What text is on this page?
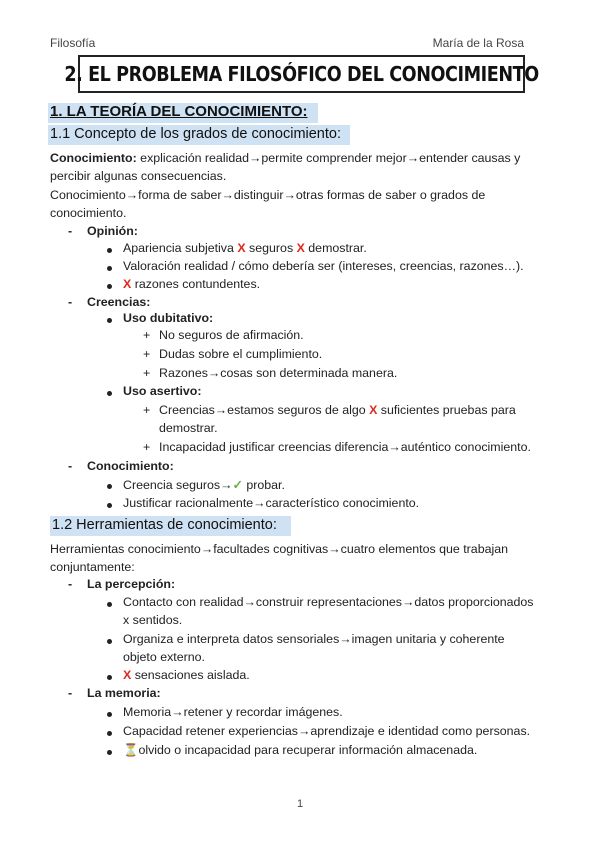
Filosofía	María de la Rosa
2. EL PROBLEMA FILOSÓFICO DEL CONOCIMIENTO
1. LA TEORÍA DEL CONOCIMIENTO:
1.1 Concepto de los grados de conocimiento:
Conocimiento: explicación realidad→permite comprender mejor→entender causas y
percibir algunas consecuencias.
Conocimiento→forma de saber→distinguir→otras formas de saber o grados de
conocimiento.
- Opinión:
Apariencia subjetiva X seguros X demostrar.
Valoración realidad / cómo debería ser (intereses, creencias, razones…).
X razones contundentes.
- Creencias:
Uso dubitativo:
+ No seguros de afirmación.
+ Dudas sobre el cumplimiento.
+ Razones→cosas son determinada manera.
Uso asertivo:
+ Creencias→estamos seguros de algo X suficientes pruebas para
demostrar.
+ Incapacidad justificar creencias diferencia→auténtico conocimiento.
- Conocimiento:
Creencia seguros→✓ probar.
Justificar racionalmente→característico conocimiento.
1.2 Herramientas de conocimiento:
Herramientas conocimiento→facultades cognitivas→cuatro elementos que trabajan
conjuntamente:
- La percepción:
Contacto con realidad→construir representaciones→datos proporcionados
x sentidos.
Organiza e interpreta datos sensoriales→imagen unitaria y coherente
objeto externo.
X sensaciones aislada.
- La memoria:
Memoria→retener y recordar imágenes.
Capacidad retener experiencias→aprendizaje e identidad como personas.
⏳olvido o incapacidad para recuperar información almacenada.
1
